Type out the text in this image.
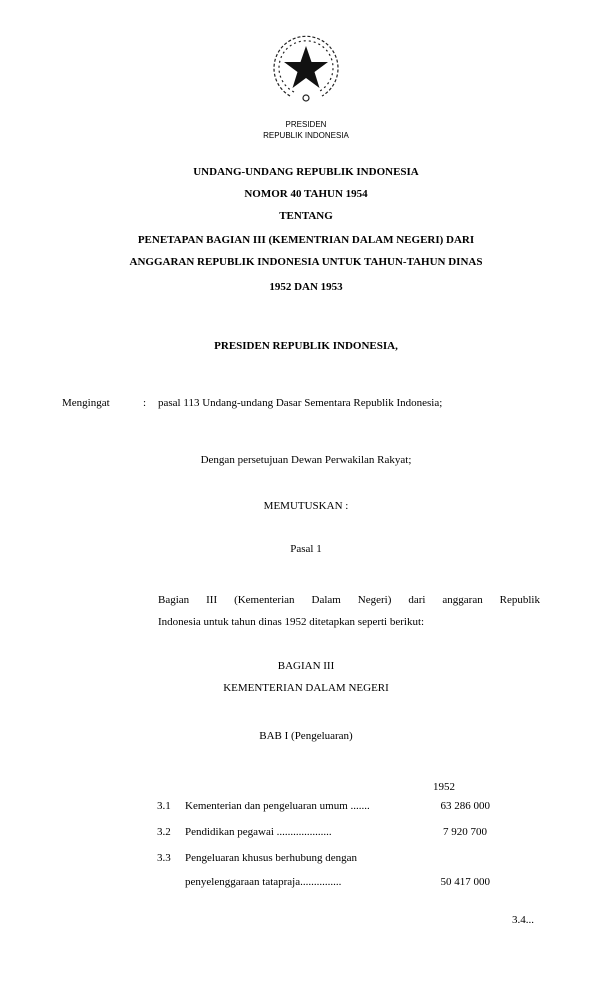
PRESIDEN
REPUBLIK INDONESIA
UNDANG-UNDANG REPUBLIK INDONESIA
NOMOR 40 TAHUN 1954
TENTANG
PENETAPAN BAGIAN III (KEMENTRIAN DALAM NEGERI) DARI
ANGGARAN REPUBLIK INDONESIA UNTUK TAHUN-TAHUN DINAS
1952 DAN 1953
PRESIDEN REPUBLIK INDONESIA,
Mengingat	: pasal 113 Undang-undang Dasar Sementara Republik Indonesia;
Dengan persetujuan Dewan Perwakilan Rakyat;
MEMUTUSKAN :
Pasal 1
Bagian III (Kementerian Dalam Negeri) dari anggaran Republik
Indonesia untuk tahun dinas 1952 ditetapkan seperti berikut:
BAGIAN III
KEMENTERIAN DALAM NEGERI
BAB I (Pengeluaran)
1952
3.1 Kementerian dan pengeluaran umum .......	63 286 000
3.2 Pendidikan pegawai ....................	7 920 700
3.3 Pengeluaran khusus berhubung dengan
penyelenggaraan tatapraja...............	50 417 000
3.4...
